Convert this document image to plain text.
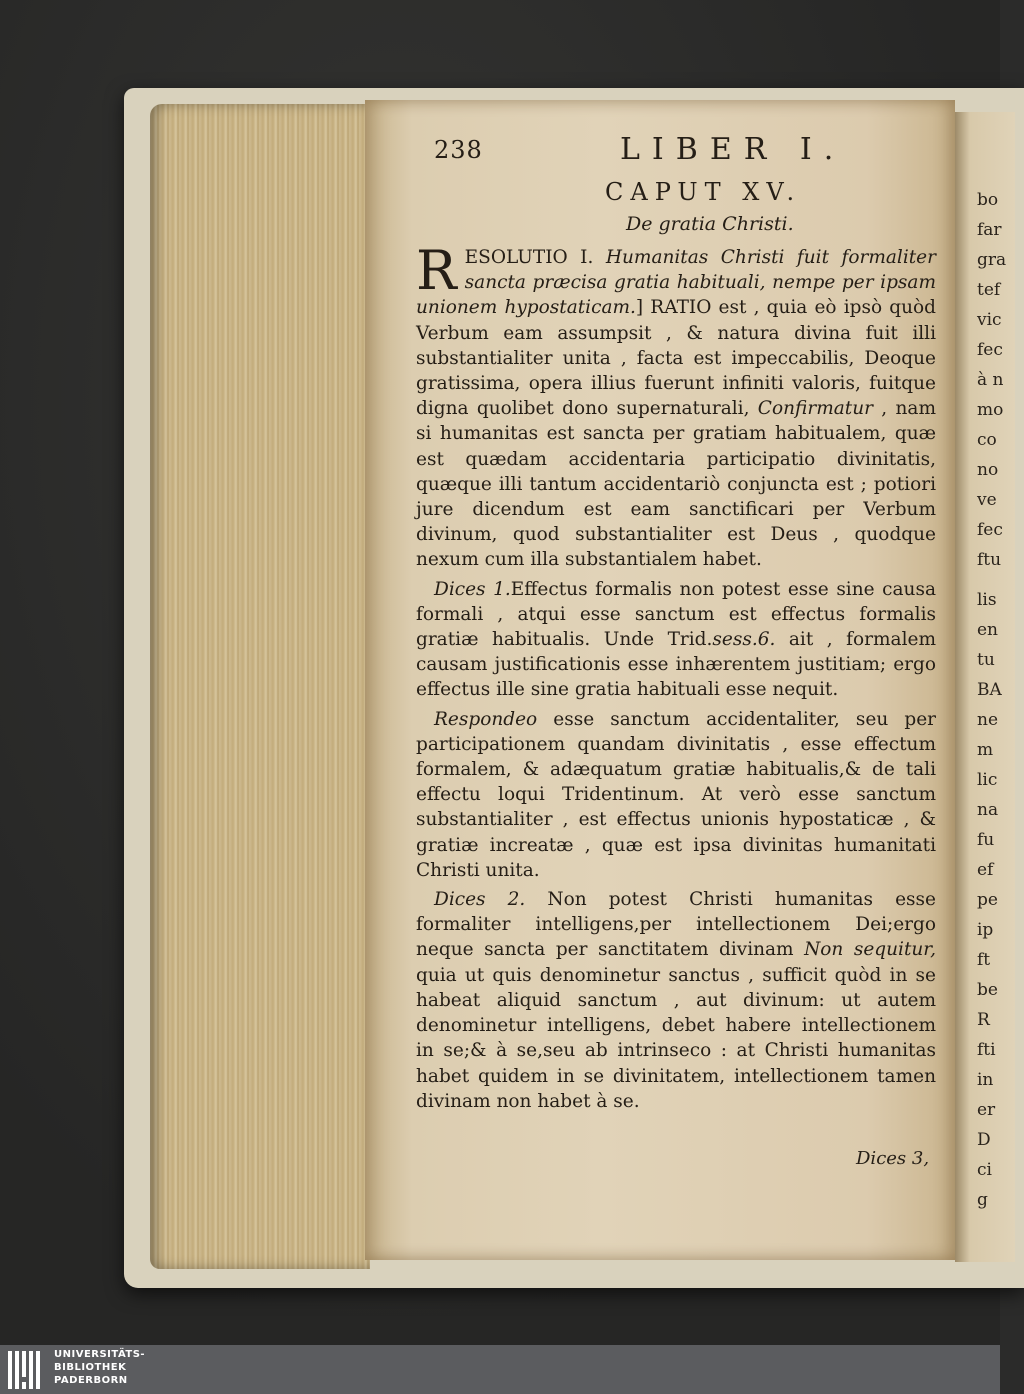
bo
far
gra
tef
vic
fec
à n
mo
co
no
ve
fec
ftu
lis
en
tu
BA
ne
m
lic
na
fu
ef
pe
ip
ft
be
R
fti
in
er
D
ci
g
238	LIBER I.
CAPUT XV.
De gratia Christi.

RESOLUTIO I. Humanitas Christi fuit formaliter sancta præcisa gratia habituali, nempe per ipsam unionem hypostaticam.] RATIO est , quia eò ipsò quòd Verbum eam assumpsit , & natura divina fuit illi substantialiter unita , facta est impeccabilis, Deoque gratissima, opera illius fuerunt infiniti valoris, fuitque digna quolibet dono supernaturali, Confirmatur , nam si humanitas est sancta per gratiam habitualem, quæ est quædam accidentaria participatio divinitatis, quæque illi tantum accidentariò conjuncta est ; potiori jure dicendum est eam sanctificari per Verbum divinum, quod substantialiter est Deus , quodque nexum cum illa substantialem habet.

Dices 1.Effectus formalis non potest esse sine causa formali , atqui esse sanctum est effectus formalis gratiæ habitualis. Unde Trid.sess.6. ait , formalem causam justificationis esse inhærentem justitiam; ergo effectus ille sine gratia habituali esse nequit.

Respondeo esse sanctum accidentaliter, seu per participationem quandam divinitatis , esse effectum formalem, & adæquatum gratiæ habitualis,& de tali effectu loqui Tridentinum. At verò esse sanctum substantialiter , est effectus unionis hypostaticæ , & gratiæ increatæ , quæ est ipsa divinitas humanitati Christi unita.

Dices 2. Non potest Christi humanitas esse formaliter intelligens,per intellectionem Dei;ergo neque sancta per sanctitatem divinam Non sequitur, quia ut quis denominetur sanctus , sufficit quòd in se habeat aliquid sanctum , aut divinum: ut autem denominetur intelligens, debet habere intellectionem in se;& à se,seu ab intrinseco : at Christi humanitas habet quidem in se divinitatem, intellectionem tamen divinam non habet à se.

Dices 3,
UNIVERSITÄTS-
BIBLIOTHEK
PADERBORN
